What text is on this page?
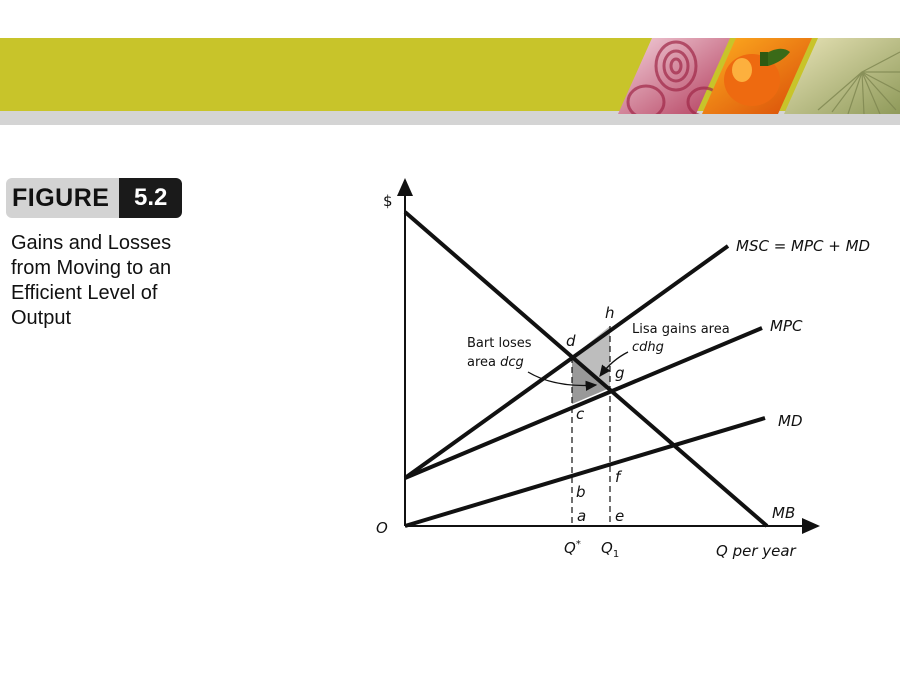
FIGURE	5.2
Gains and Losses
from Moving to an
Efficient Level of
Output
$
O
Q per year
MSC = MPC + MD
MPC
MD
MB
h
d
g
c
f
b
a e
Q* $Q_1$
Bart loses
area dcg
Lisa gains area
cdhg
